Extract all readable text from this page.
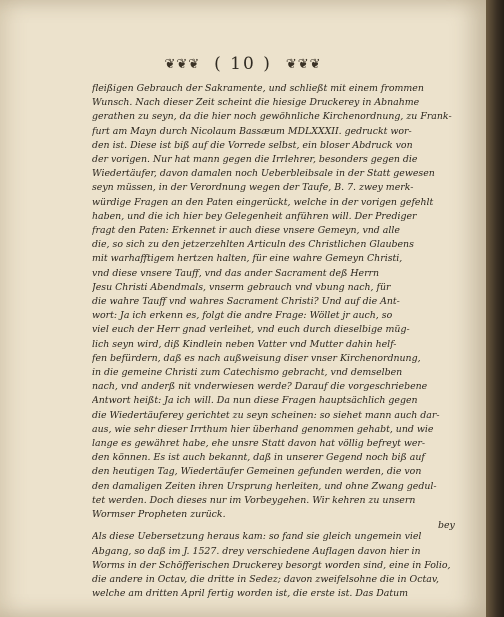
❦❦❦ ( 10 ) ❦❦❦
fleißigen Gebrauch der Sakramente, und schließt mit einem frommen
Wunsch. Nach dieser Zeit scheint die hiesige Druckerey in Abnahme
gerathen zu seyn, da die hier noch gewöhnliche Kirchenordnung, zu Frank-
furt am Mayn durch Nicolaum Bassæum MDLXXXII. gedruckt wor-
den ist. Diese ist biß auf die Vorrede selbst, ein bloser Abdruck von
der vorigen. Nur hat mann gegen die Irrlehrer, besonders gegen die
Wiedertäufer, davon damalen noch Ueberbleibsale in der Statt gewesen
seyn müssen, in der Verordnung wegen der Taufe, B. 7. zwey merk-
würdige Fragen an den Paten eingerückt, welche in der vorigen gefehlt
haben, und die ich hier bey Gelegenheit anführen will. Der Prediger
fragt den Paten: Erkennet ir auch diese vnsere Gemeyn, vnd alle
die, so sich zu den jetzerzehlten Articuln des Christlichen Glaubens
mit warhafftigem hertzen halten, für eine wahre Gemeyn Christi,
vnd diese vnsere Tauff, vnd das ander Sacrament deß Herrn
Jesu Christi Abendmals, vnserm gebrauch vnd vbung nach, für
die wahre Tauff vnd wahres Sacrament Christi? Und auf die Ant-
wort: Ja ich erkenn es, folgt die andre Frage: Wöllet jr auch, so
viel euch der Herr gnad verleihet, vnd euch durch dieselbige müg-
lich seyn wird, diß Kindlein neben Vatter vnd Mutter dahin helf-
fen befürdern, daß es nach außweisung diser vnser Kirchenordnung,
in die gemeine Christi zum Catechismo gebracht, vnd demselben
nach, vnd anderß nit vnderwiesen werde? Darauf die vorgeschriebene
Antwort heißt: Ja ich will. Da nun diese Fragen hauptsächlich gegen
die Wiedertäuferey gerichtet zu seyn scheinen: so siehet mann auch dar-
aus, wie sehr dieser Irrthum hier überhand genommen gehabt, und wie
lange es gewähret habe, ehe unsre Statt davon hat völlig befreyt wer-
den können. Es ist auch bekannt, daß in unserer Gegend noch biß auf
den heutigen Tag, Wiedertäufer Gemeinen gefunden werden, die von
den damaligen Zeiten ihren Ursprung herleiten, und ohne Zwang gedul-
tet werden. Doch dieses nur im Vorbeygehen. Wir kehren zu unsern
Wormser Propheten zurück.
Als diese Uebersetzung heraus kam: so fand sie gleich ungemein viel
Abgang, so daß im J. 1527. drey verschiedene Auflagen davon hier in
Worms in der Schöfferischen Druckerey besorgt worden sind, eine in Folio,
die andere in Octav, die dritte in Sedez; davon zweifelsohne die in Octav,
welche am dritten April fertig worden ist, die erste ist. Das Datum
bey
